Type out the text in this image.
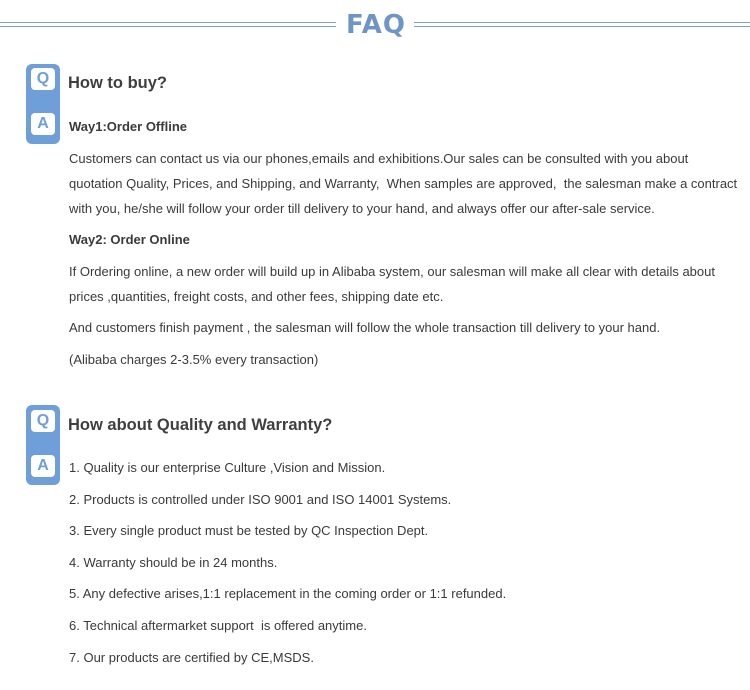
FAQ
Q
A
How to buy?
Way1:Order Offline
Customers can contact us via our phones,emails and exhibitions.Our sales can be consulted with you about quotation Quality, Prices, and Shipping, and Warranty,  When samples are approved,  the salesman make a contract with you, he/she will follow your order till delivery to your hand, and always offer our after-sale service.
Way2: Order Online
If Ordering online, a new order will build up in Alibaba system, our salesman will make all clear with details about prices ,quantities, freight costs, and other fees, shipping date etc.
And customers finish payment , the salesman will follow the whole transaction till delivery to your hand.
(Alibaba charges 2-3.5% every transaction)
Q
A
How about Quality and Warranty?
1. Quality is our enterprise Culture ,Vision and Mission.
2. Products is controlled under ISO 9001 and ISO 14001 Systems.
3. Every single product must be tested by QC Inspection Dept.
4. Warranty should be in 24 months.
5. Any defective arises,1:1 replacement in the coming order or 1:1 refunded.
6. Technical aftermarket support  is offered anytime.
7. Our products are certified by CE,MSDS.
